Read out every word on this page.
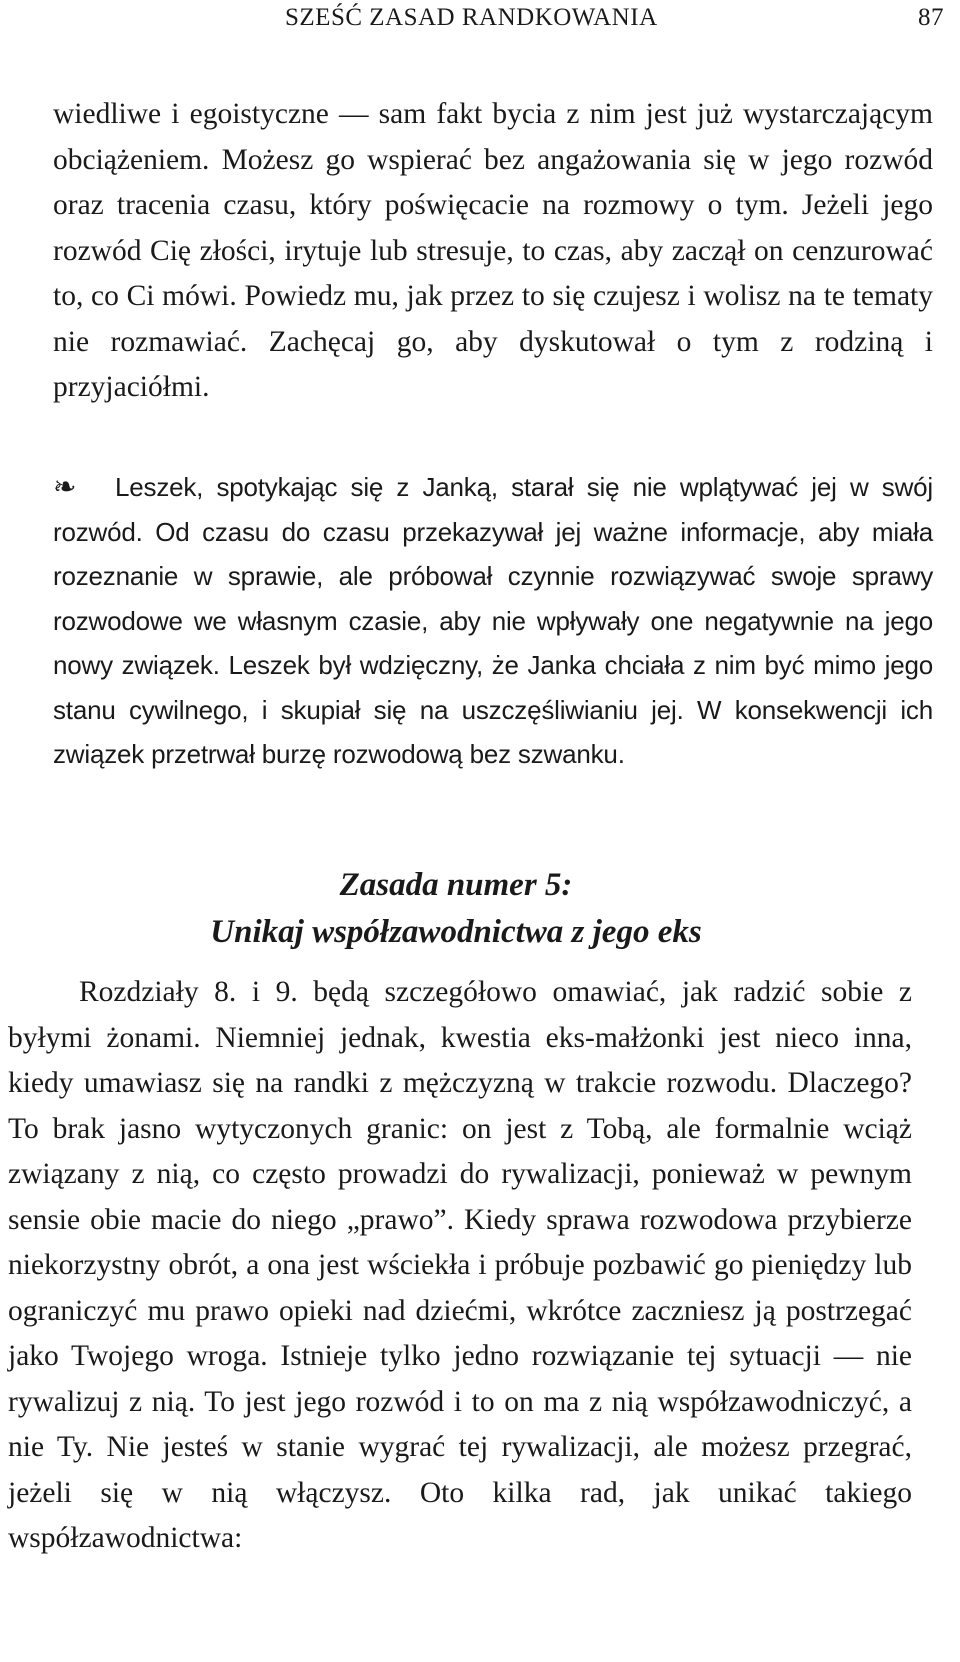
SZEŚĆ ZASAD RANDKOWANIA	87

wiedliwe i egoistyczne — sam fakt bycia z nim jest już wystarczającym obciążeniem. Możesz go wspierać bez angażowania się w jego rozwód oraz tracenia czasu, który poświęcacie na rozmowy o tym. Jeżeli jego rozwód Cię złości, irytuje lub stresuje, to czas, aby zaczął on cenzurować to, co Ci mówi. Powiedz mu, jak przez to się czujesz i wolisz na te tematy nie rozmawiać. Zachęcaj go, aby dyskutował o tym z rodziną i przyjaciółmi.

❧ Leszek, spotykając się z Janką, starał się nie wplątywać jej w swój rozwód. Od czasu do czasu przekazywał jej ważne informacje, aby miała rozeznanie w sprawie, ale próbował czynnie rozwiązywać swoje sprawy rozwodowe we własnym czasie, aby nie wpływały one negatywnie na jego nowy związek. Leszek był wdzięczny, że Janka chciała z nim być mimo jego stanu cywilnego, i skupiał się na uszczęśliwianiu jej. W konsekwencji ich związek przetrwał burzę rozwodową bez szwanku.

Zasada numer 5:
Unikaj współzawodnictwa z jego eks

Rozdziały 8. i 9. będą szczegółowo omawiać, jak radzić sobie z byłymi żonami. Niemniej jednak, kwestia eks-małżonki jest nieco inna, kiedy umawiasz się na randki z mężczyzną w trakcie rozwodu. Dlaczego? To brak jasno wytyczonych granic: on jest z Tobą, ale formalnie wciąż związany z nią, co często prowadzi do rywalizacji, ponieważ w pewnym sensie obie macie do niego „prawo”. Kiedy sprawa rozwodowa przybierze niekorzystny obrót, a ona jest wściekła i próbuje pozbawić go pieniędzy lub ograniczyć mu prawo opieki nad dziećmi, wkrótce zaczniesz ją postrzegać jako Twojego wroga. Istnieje tylko jedno rozwiązanie tej sytuacji — nie rywalizuj z nią. To jest jego rozwód i to on ma z nią współzawodniczyć, a nie Ty. Nie jesteś w stanie wygrać tej rywalizacji, ale możesz przegrać, jeżeli się w nią włączysz. Oto kilka rad, jak unikać takiego współzawodnictwa:
